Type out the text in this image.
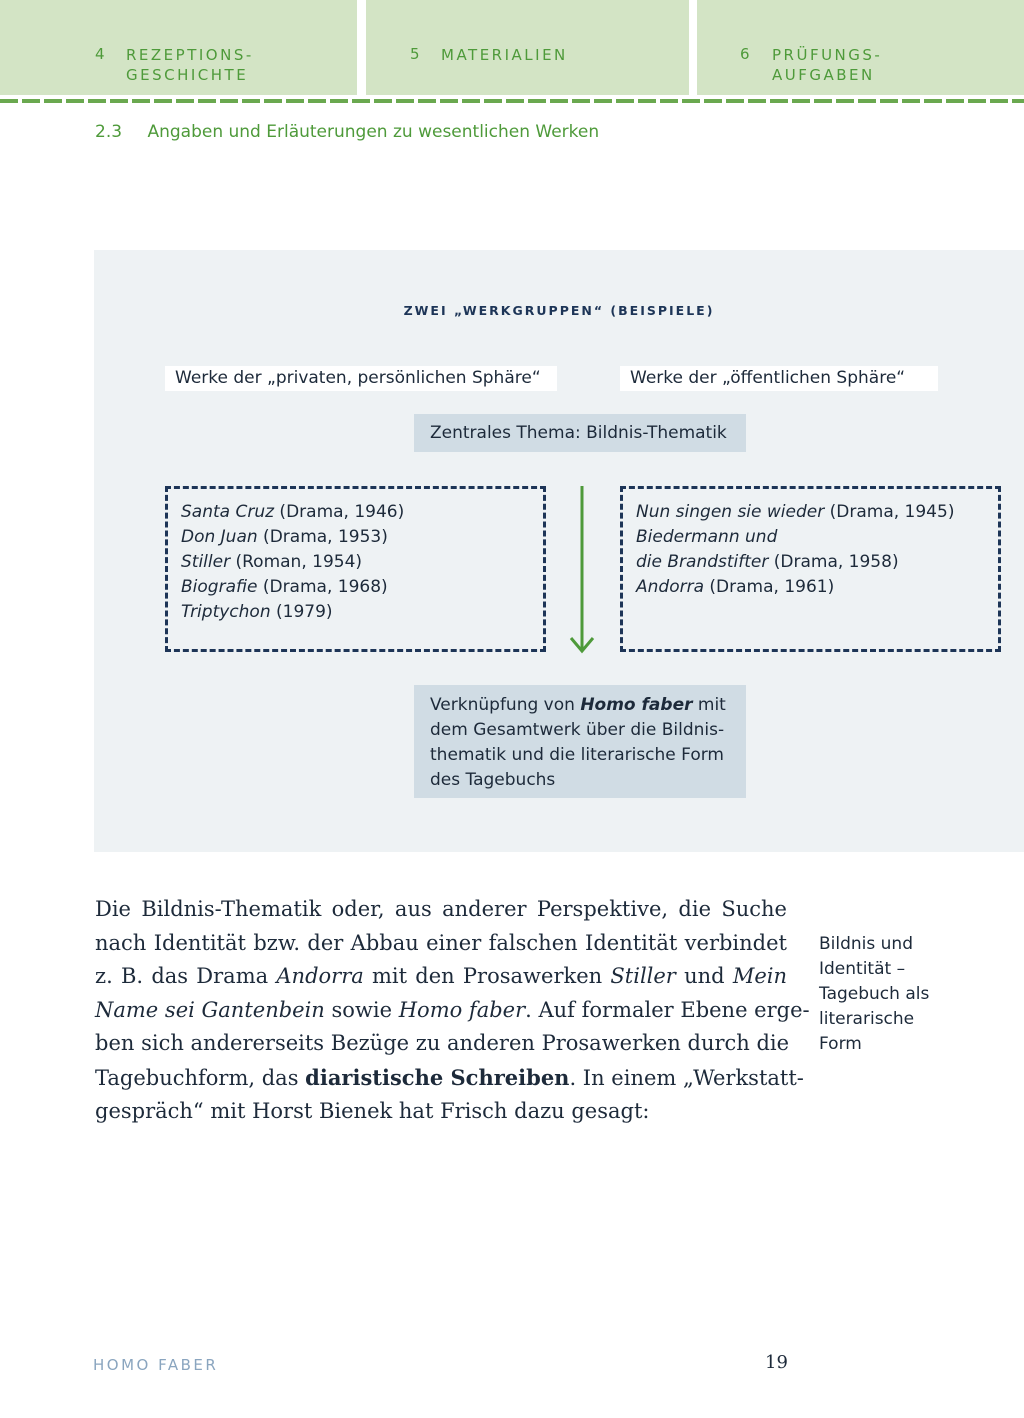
4 REZEPTIONS-
GESCHICHTE
5 MATERIALIEN	6 PRÜFUNGS-
AUFGABEN
2.3 Angaben und Erläuterungen zu wesentlichen Werken
ZWEI „WERKGRUPPEN“ (BEISPIELE)
Werke der „privaten, persönlichen Sphäre“	Werke der „öffentlichen Sphäre“
Zentrales Thema: Bildnis-Thematik
Santa Cruz (Drama, 1946)
Don Juan (Drama, 1953)
Stiller (Roman, 1954)
Biografie (Drama, 1968)
Triptychon (1979)
Nun singen sie wieder (Drama, 1945)
Biedermann und
die Brandstifter (Drama, 1958)
Andorra (Drama, 1961)
Verknüpfung von Homo faber mit dem Gesamtwerk über die Bildnisthematik und die literarische Form des Tagebuchs
Die Bildnis-Thematik oder, aus anderer Perspektive, die Suche
nach Identität bzw. der Abbau einer falschen Identität verbindet
z. B. das Drama Andorra mit den Prosawerken Stiller und Mein
Name sei Gantenbein sowie Homo faber. Auf formaler Ebene erge-
ben sich andererseits Bezüge zu anderen Prosawerken durch die
Tagebuchform, das diaristische Schreiben. In einem „Werkstatt-
gespräch“ mit Horst Bienek hat Frisch dazu gesagt:
Bildnis und
Identität –
Tagebuch als
literarische
Form
HOMO FABER	19
